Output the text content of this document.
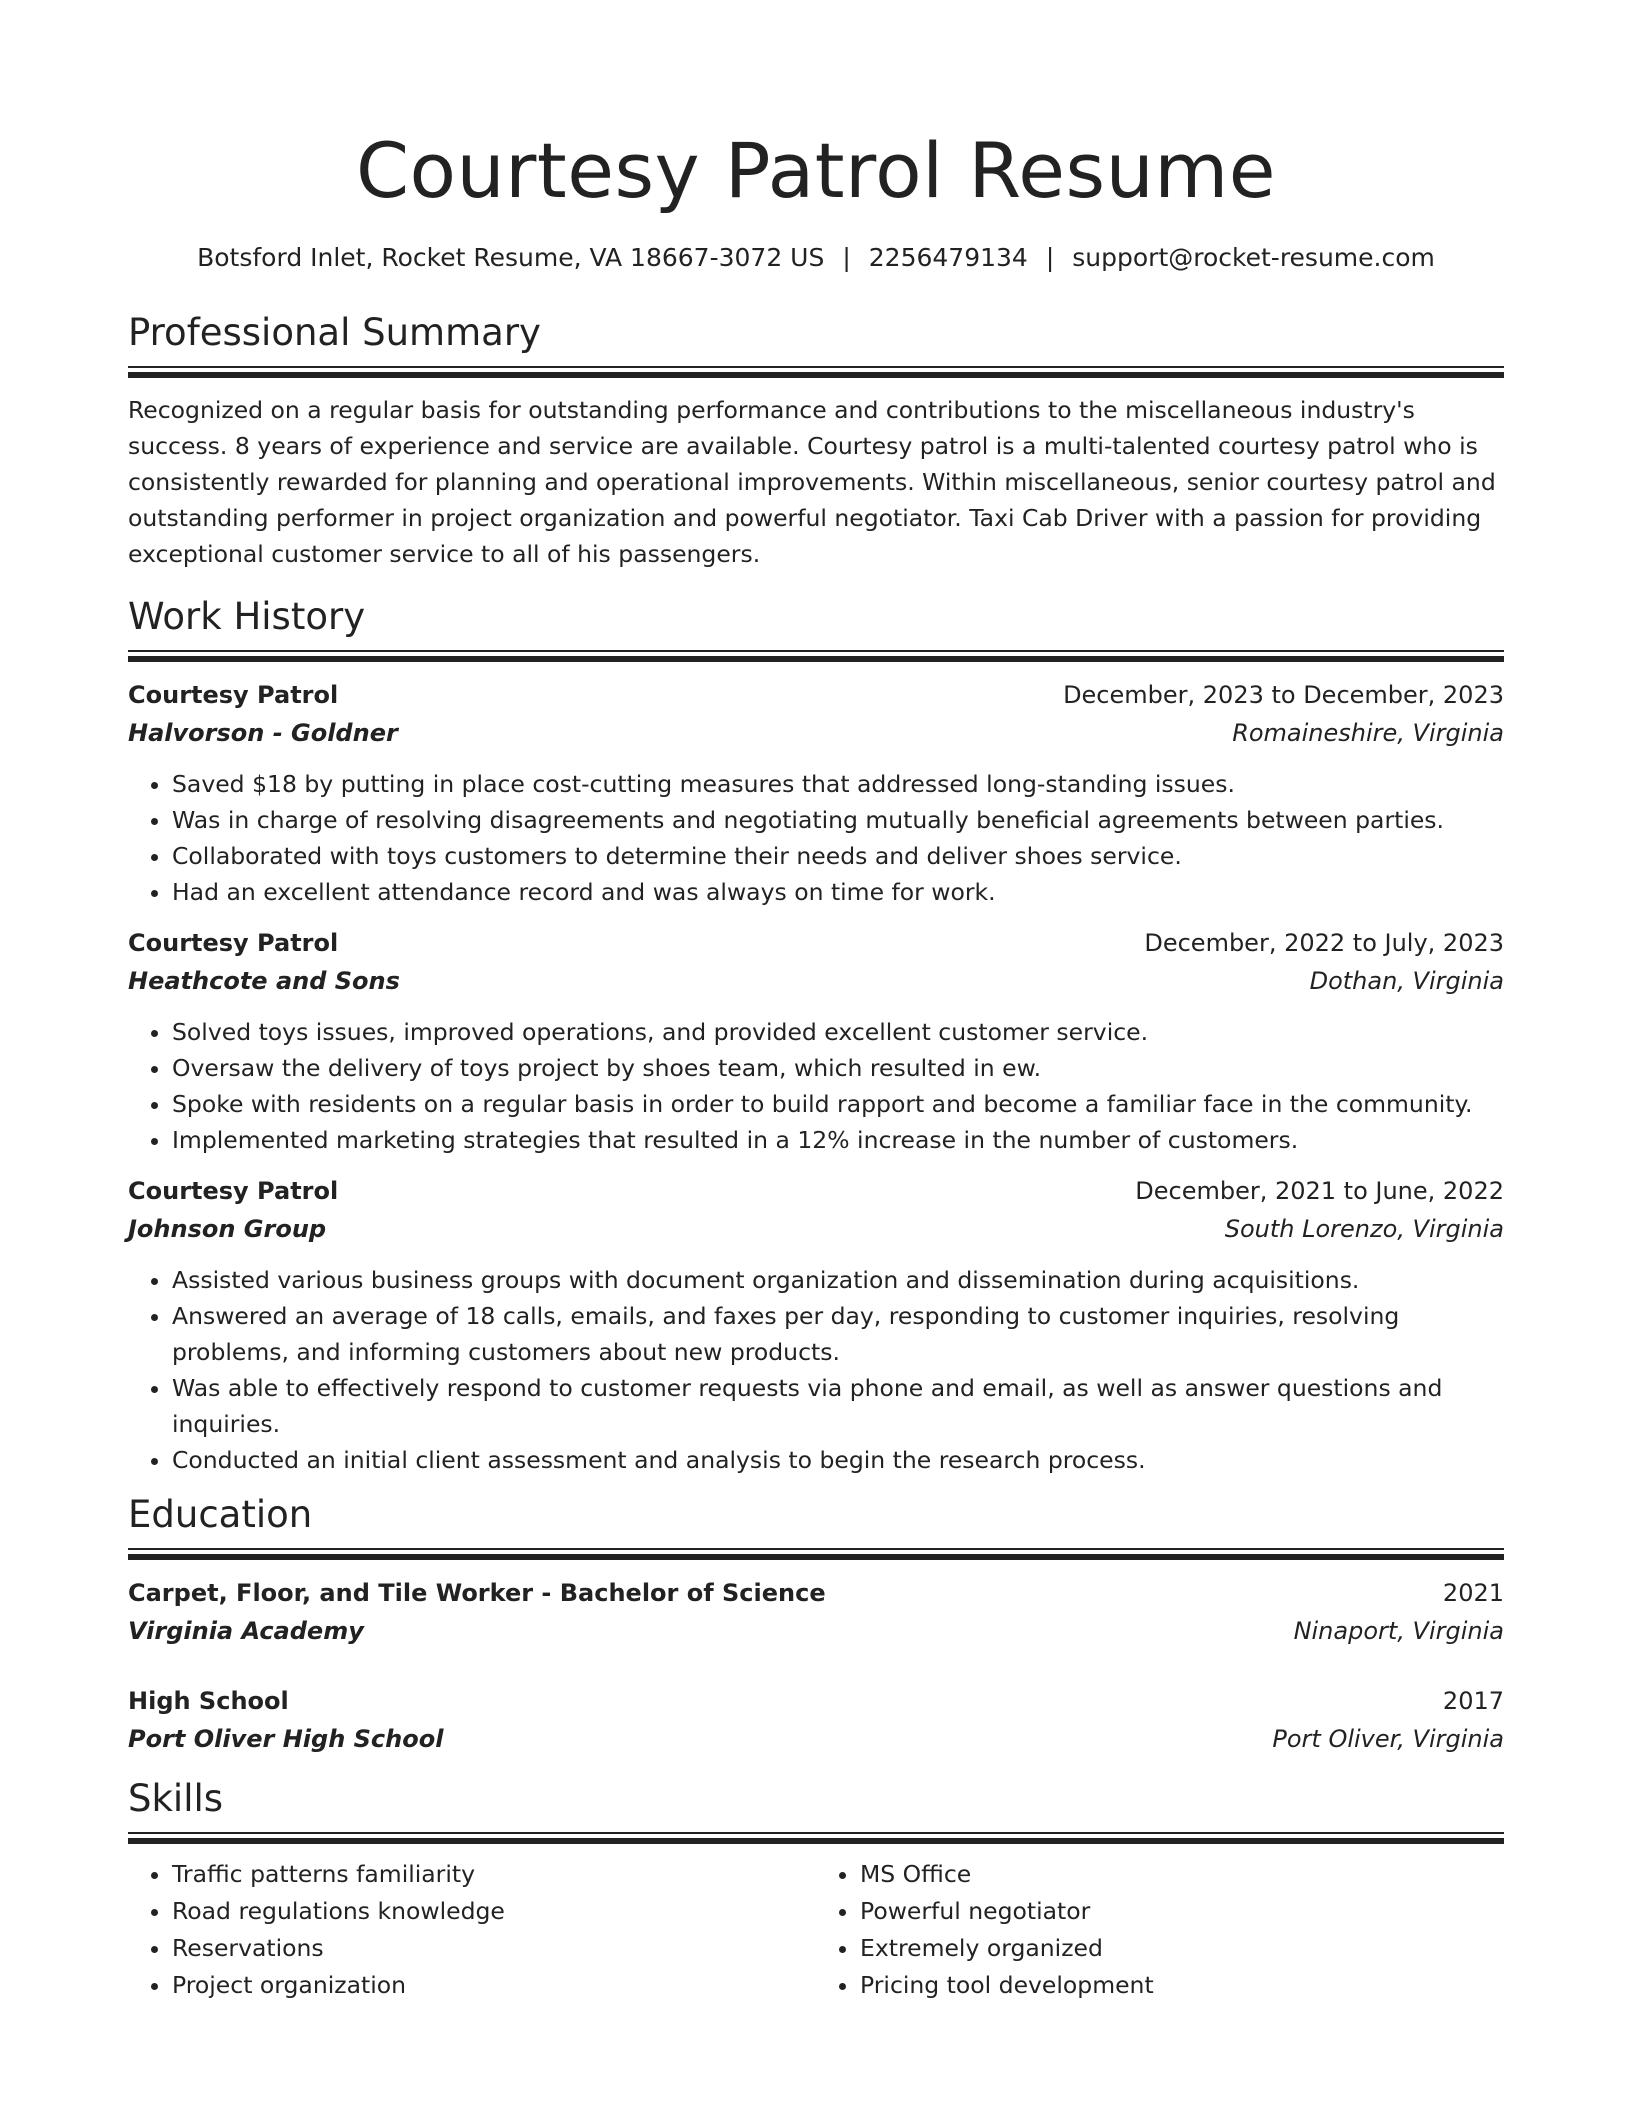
Courtesy Patrol Resume
Botsford Inlet, Rocket Resume, VA 18667-3072 US | 2256479134 | support@rocket-resume.com
Professional Summary

Recognized on a regular basis for outstanding performance and contributions to the miscellaneous industry's success. 8 years of experience and service are available. Courtesy patrol is a multi-talented courtesy patrol who is consistently rewarded for planning and operational improvements. Within miscellaneous, senior courtesy patrol and outstanding performer in project organization and powerful negotiator. Taxi Cab Driver with a passion for providing exceptional customer service to all of his passengers.

Work History
Courtesy Patrol	December, 2023 to December, 2023
Halvorson - Goldner	Romaineshire, Virginia
• Saved $18 by putting in place cost-cutting measures that addressed long-standing issues.
• Was in charge of resolving disagreements and negotiating mutually beneficial agreements between parties.
• Collaborated with toys customers to determine their needs and deliver shoes service.
• Had an excellent attendance record and was always on time for work.
Courtesy Patrol	December, 2022 to July, 2023
Heathcote and Sons	Dothan, Virginia
• Solved toys issues, improved operations, and provided excellent customer service.
• Oversaw the delivery of toys project by shoes team, which resulted in ew.
• Spoke with residents on a regular basis in order to build rapport and become a familiar face in the community.
• Implemented marketing strategies that resulted in a 12% increase in the number of customers.
Courtesy Patrol	December, 2021 to June, 2022
Johnson Group	South Lorenzo, Virginia
• Assisted various business groups with document organization and dissemination during acquisitions.
• Answered an average of 18 calls, emails, and faxes per day, responding to customer inquiries, resolving problems, and informing customers about new products.
• Was able to effectively respond to customer requests via phone and email, as well as answer questions and inquiries.
• Conducted an initial client assessment and analysis to begin the research process.
Education
Carpet, Floor, and Tile Worker - Bachelor of Science	2021
Virginia Academy	Ninaport, Virginia
High School	2017
Port Oliver High School	Port Oliver, Virginia
Skills
• Traffic patterns familiarity
• Road regulations knowledge
• Reservations
• Project organization
• MS Office
• Powerful negotiator
• Extremely organized
• Pricing tool development
